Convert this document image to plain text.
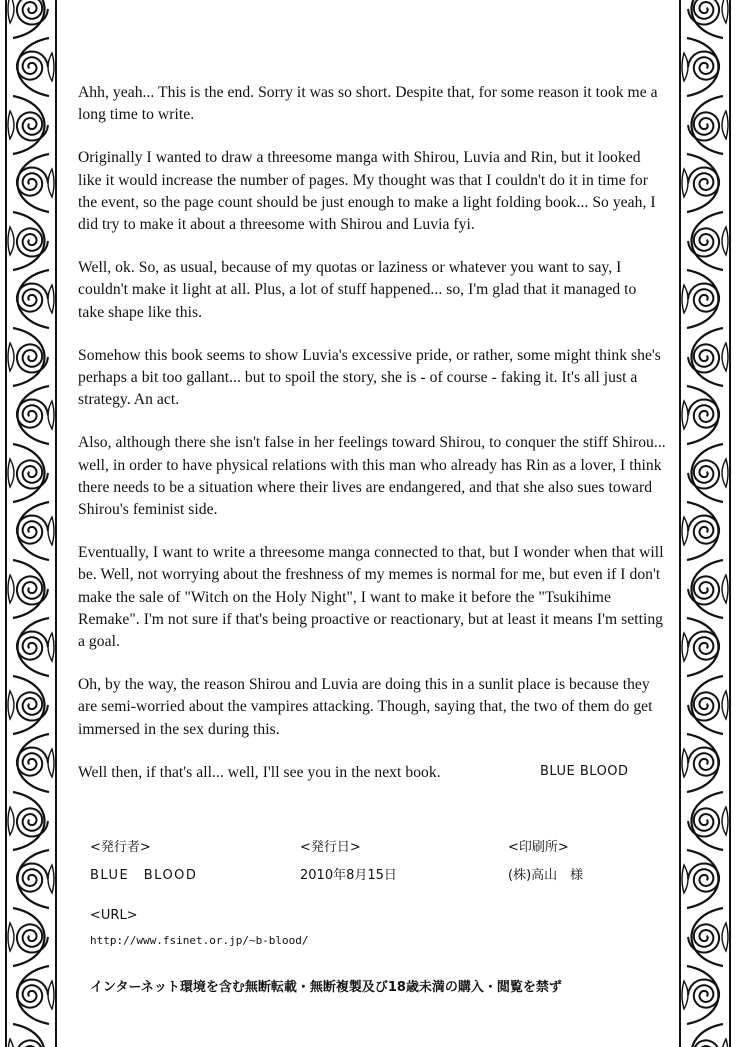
Ahh, yeah... This is the end. Sorry it was so short. Despite that, for some reason it took me a long time to write.

Originally I wanted to draw a threesome manga with Shirou, Luvia and Rin, but it looked like it would increase the number of pages. My thought was that I couldn't do it in time for the event, so the page count should be just enough to make a light folding book... So yeah, I did try to make it about a threesome with Shirou and Luvia fyi.

Well, ok. So, as usual, because of my quotas or laziness or whatever you want to say, I couldn't make it light at all. Plus, a lot of stuff happened... so, I'm glad that it managed to take shape like this.

Somehow this book seems to show Luvia's excessive pride, or rather, some might think she's perhaps a bit too gallant... but to spoil the story, she is - of course - faking it. It's all just a strategy. An act.

Also, although there she isn't false in her feelings toward Shirou, to conquer the stiff Shirou... well, in order to have physical relations with this man who already has Rin as a lover, I think there needs to be a situation where their lives are endangered, and that she also sues toward Shirou's feminist side.

Eventually, I want to write a threesome manga connected to that, but I wonder when that will be. Well, not worrying about the freshness of my memes is normal for me, but even if I don't make the sale of "Witch on the Holy Night", I want to make it before the "Tsukihime Remake". I'm not sure if that's being proactive or reactionary, but at least it means I'm setting a goal.

Oh, by the way, the reason Shirou and Luvia are doing this in a sunlit place is because they are semi-worried about the vampires attacking. Though, saying that, the two of them do get immersed in the sex during this.

Well then, if that's all... well, I'll see you in the next book.	BLUE BLOOD
<発行者>
BLUE　BLOOD
<発行日>
2010年8月15日
<印刷所>
(株)高山　様
<URL>
http://www.fsinet.or.jp/~b-blood/
インターネット環境を含む無断転載・無断複製及び18歳未満の購入・閲覧を禁ず
